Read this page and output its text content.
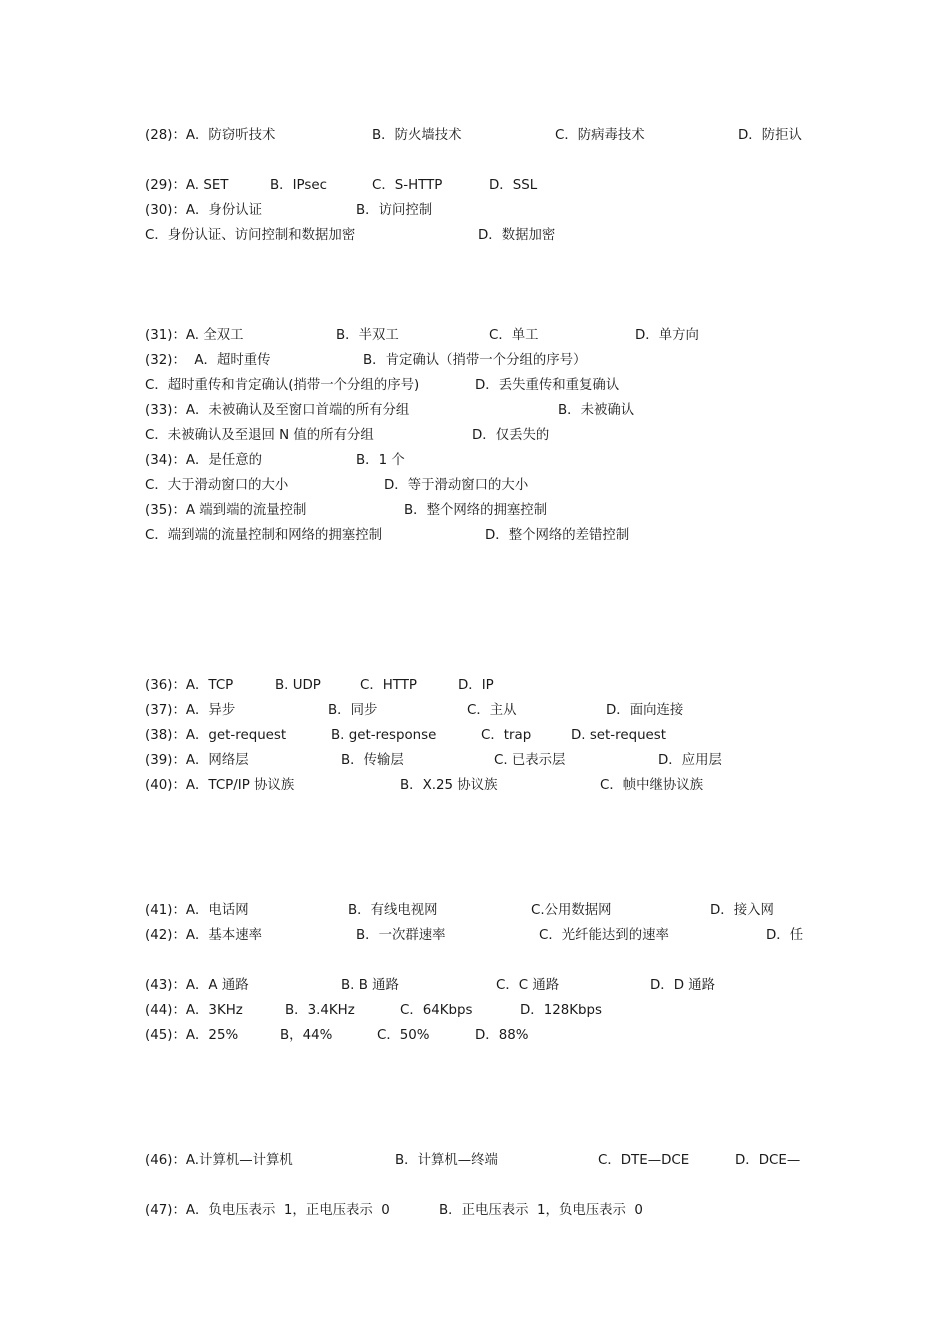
(28)：A．防窃听技术

	B．防火墙技术

	C．防病毒技术

	D．防拒认

(29)：A. SET

	B．IPsec

	C．S-HTTP

	D．SSL

(30)：A．身份认证

	B．访问控制

C．身份认证、访问控制和数据加密

	D．数据加密

(31)：A. 全双工

	B．半双工

	C．单工

	D．单方向

(32)：  A．超时重传

	B．肯定确认（捎带一个分组的序号）

C．超时重传和肯定确认(捎带一个分组的序号)

	D．丢失重传和重复确认

(33)：A．未被确认及至窗口首端的所有分组

	B．未被确认

C．未被确认及至退回 N 值的所有分组

	D．仅丢失的

(34)：A．是任意的

	B．1 个

C．大于滑动窗口的大小

	D．等于滑动窗口的大小

(35)：A 端到端的流量控制

	B．整个网络的拥塞控制

C．端到端的流量控制和网络的拥塞控制

	D．整个网络的差错控制

(36)：A．TCP

	B. UDP

	C．HTTP

	D．IP

(37)：A．异步

	B．同步

	C．主从

	D．面向连接

(38)：A．get-request

	B. get-response

	C．trap

	D. set-request

(39)：A．网络层

	B．传输层

	C. 已表示层

	D．应用层

(40)：A．TCP/IP 协议族

	B．X.25 协议族

	C．帧中继协议族

(41)：A．电话网

	B．有线电视网

	C.公用数据网

	D．接入网

(42)：A．基本速率

	B．一次群速率

	C．光纤能达到的速率

	D．任

(43)：A．A 通路

	B. B 通路

	C．C 通路

	D．D 通路

(44)：A．3KHz

	B．3.4KHz

	C．64Kbps

	D．128Kbps

(45)：A．25%

	B，44%

	C．50%

	D．88%

(46)：A.计算机—计算机

	B．计算机—终端

	C．DTE—DCE

	D．DCE—

(47)：A．负电压表示  1，正电压表示  0

	B．正电压表示  1，负电压表示  0
